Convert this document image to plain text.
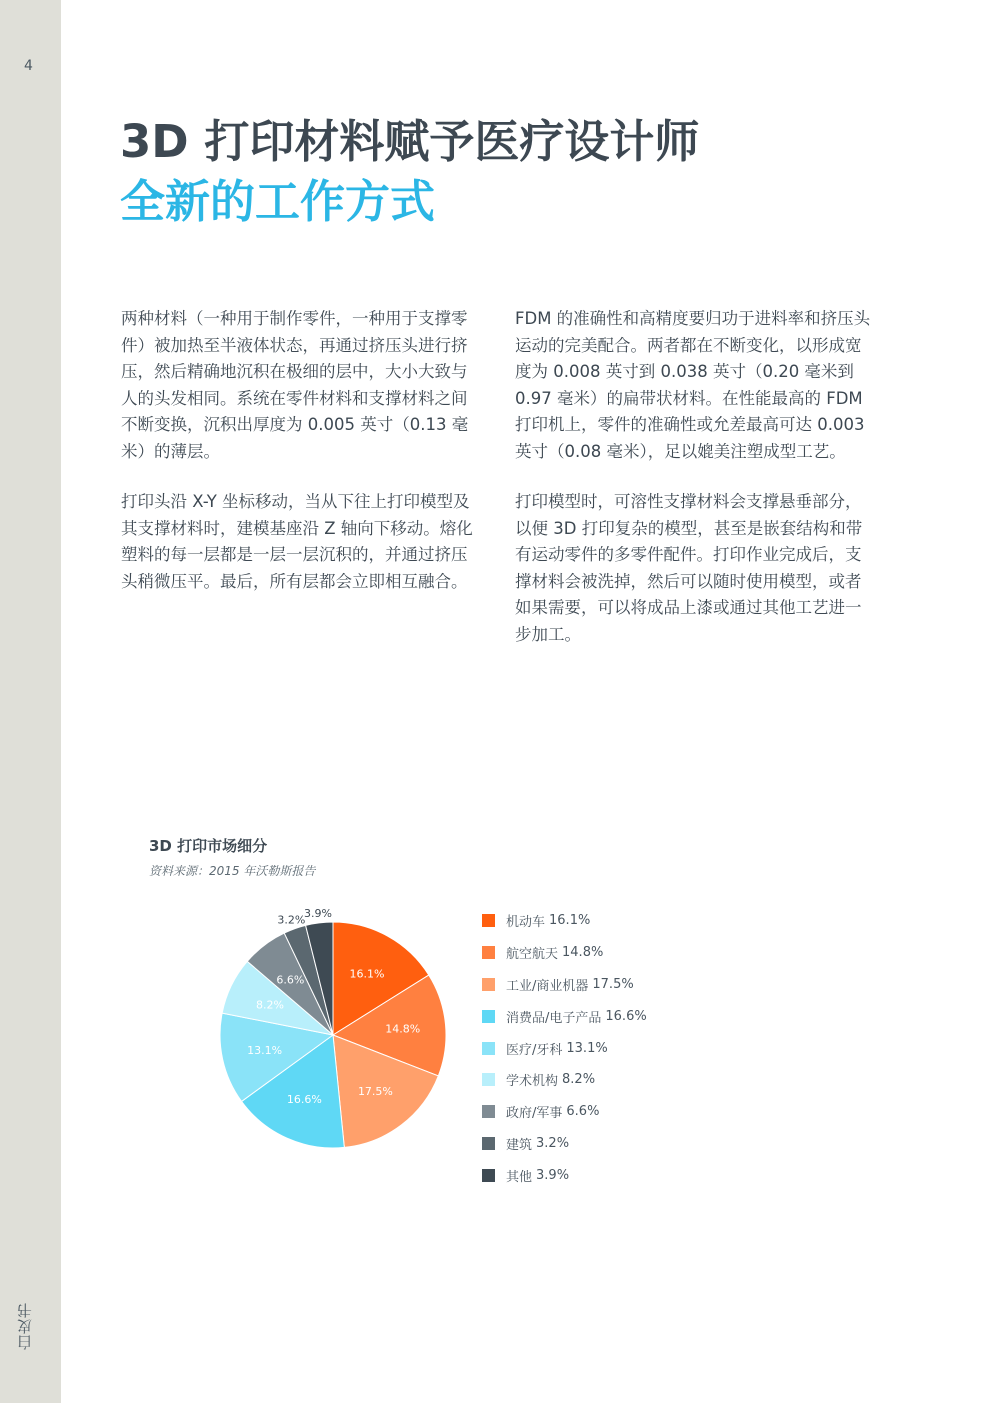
4
白皮书
3D 打印材料赋予医疗设计师
全新的工作方式

两种材料（一种用于制作零件，一种用于支撑零件）被加热至半液体状态，再通过挤压头进行挤压，然后精确地沉积在极细的层中，大小大致与人的头发相同。系统在零件材料和支撑材料之间不断变换，沉积出厚度为 0.005 英寸（0.13 毫米）的薄层。

打印头沿 X-Y 坐标移动，当从下往上打印模型及其支撑材料时，建模基座沿 Z 轴向下移动。熔化塑料的每一层都是一层一层沉积的，并通过挤压头稍微压平。最后，所有层都会立即相互融合。

FDM 的准确性和高精度要归功于进料率和挤压头运动的完美配合。两者都在不断变化，以形成宽度为 0.008 英寸到 0.038 英寸（0.20 毫米到 0.97 毫米）的扁带状材料。在性能最高的 FDM 打印机上，零件的准确性或允差最高可达 0.003 英寸（0.08 毫米），足以媲美注塑成型工艺。

打印模型时，可溶性支撑材料会支撑悬垂部分，以便 3D 打印复杂的模型，甚至是嵌套结构和带有运动零件的多零件配件。打印作业完成后，支撑材料会被洗掉，然后可以随时使用模型，或者如果需要，可以将成品上漆或通过其他工艺进一步加工。

3D 打印市场细分
资料来源：2015 年沃勒斯报告
16.1%
14.8%
17.5%
16.6%
13.1%
8.2%
6.6%
3.2%
3.9%
机动车 16.1%
航空航天 14.8%
工业/商业机器 17.5%
消费品/电子产品 16.6%
医疗/牙科 13.1%
学术机构 8.2%
政府/军事 6.6%
建筑 3.2%
其他 3.9%
